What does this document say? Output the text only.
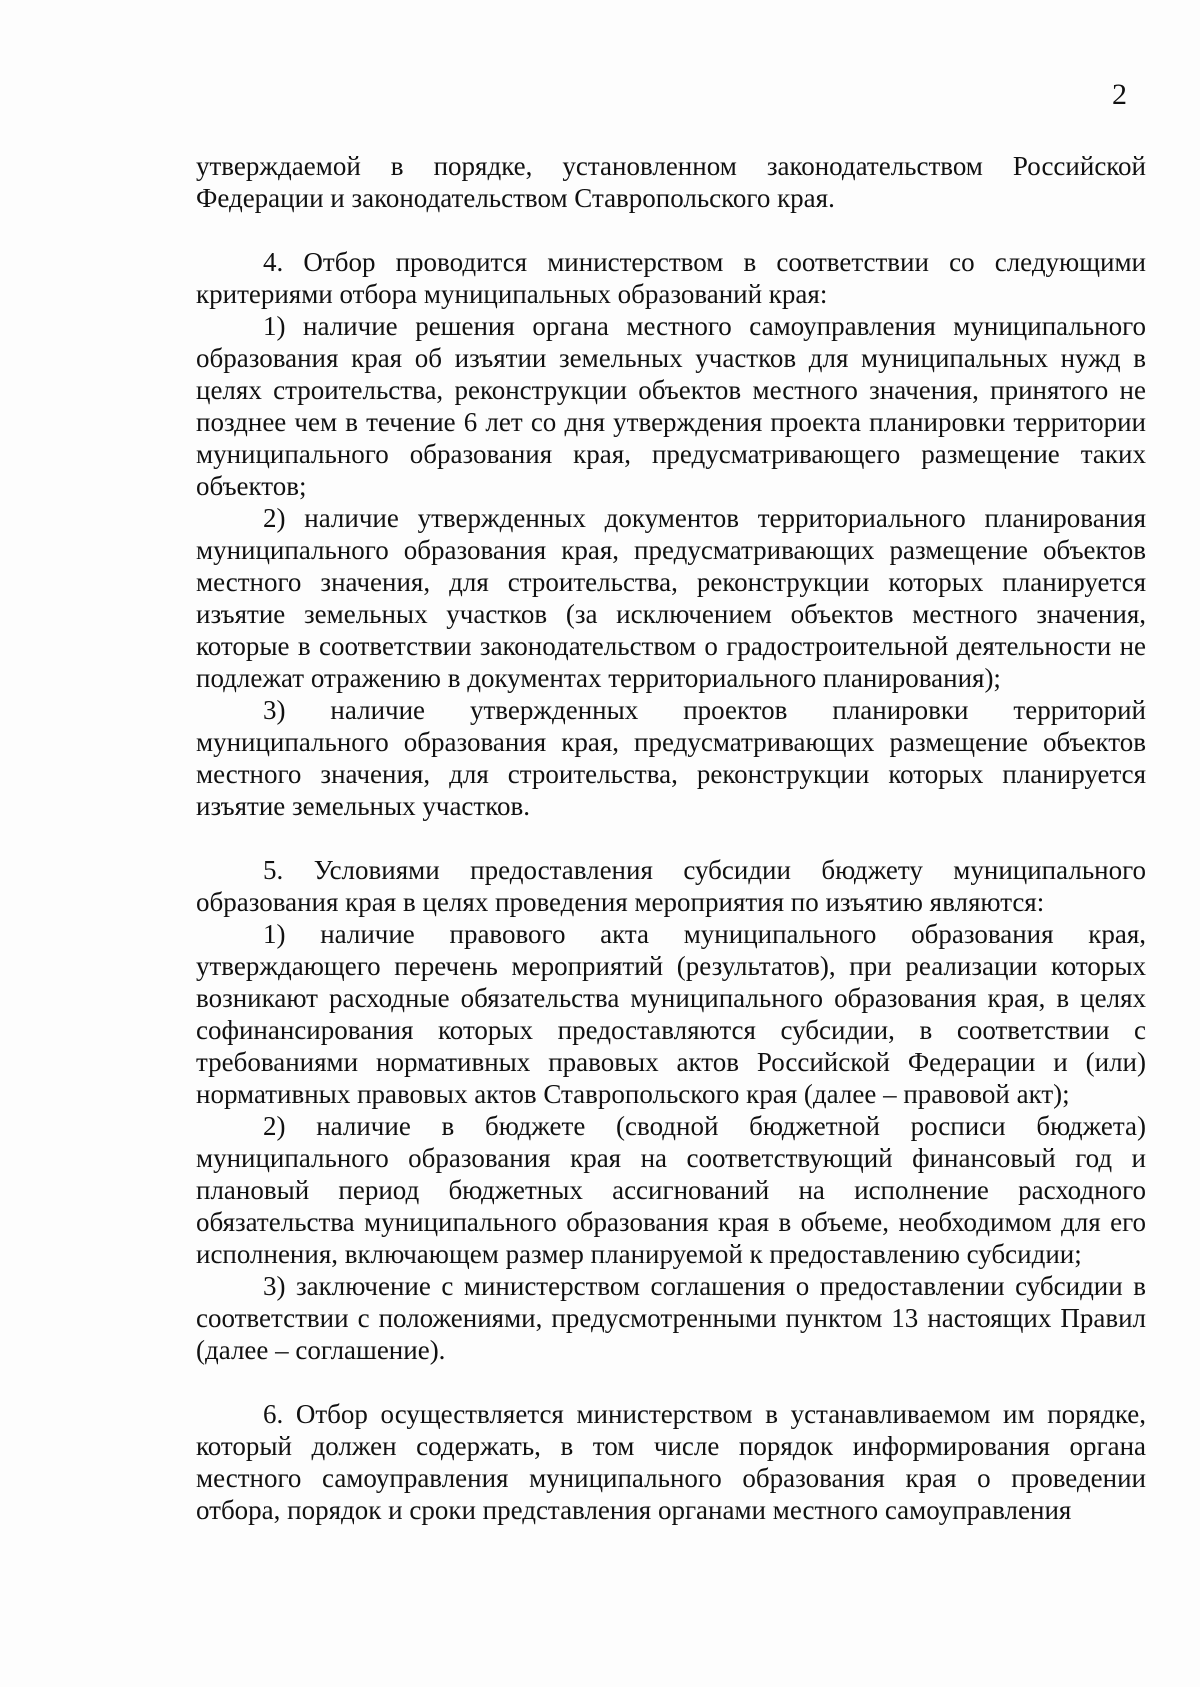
2

утверждаемой в порядке, установленном законодательством Российской Федерации и законодательством Ставропольского края.

4. Отбор проводится министерством в соответствии со следующими критериями отбора муниципальных образований края:

1) наличие решения органа местного самоуправления муниципального образования края об изъятии земельных участков для муниципальных нужд в целях строительства, реконструкции объектов местного значения, принятого не позднее чем в течение 6 лет со дня утверждения проекта планировки территории муниципального образования края, предусматривающего размещение таких объектов;

2) наличие утвержденных документов территориального планирования муниципального образования края, предусматривающих размещение объектов местного значения, для строительства, реконструкции которых планируется изъятие земельных участков (за исключением объектов местного значения, которые в соответствии законодательством о градостроительной деятельности не подлежат отражению в документах территориального планирования);

3) наличие утвержденных проектов планировки территорий муниципального образования края, предусматривающих размещение объектов местного значения, для строительства, реконструкции которых планируется изъятие земельных участков.

5. Условиями предоставления субсидии бюджету муниципального образования края в целях проведения мероприятия по изъятию являются:

1) наличие правового акта муниципального образования края, утверждающего перечень мероприятий (результатов), при реализации которых возникают расходные обязательства муниципального образования края, в целях софинансирования которых предоставляются субсидии, в соответствии с требованиями нормативных правовых актов Российской Федерации и (или) нормативных правовых актов Ставропольского края (далее – правовой акт);

2) наличие в бюджете (сводной бюджетной росписи бюджета) муниципального образования края на соответствующий финансовый год и плановый период бюджетных ассигнований на исполнение расходного обязательства муниципального образования края в объеме, необходимом для его исполнения, включающем размер планируемой к предоставлению субсидии;

3) заключение с министерством соглашения о предоставлении субсидии в соответствии с положениями, предусмотренными пунктом 13 настоящих Правил (далее – соглашение).

6. Отбор осуществляется министерством в устанавливаемом им порядке, который должен содержать, в том числе порядок информирования органа местного самоуправления муниципального образования края о проведении отбора, порядок и сроки представления органами местного самоуправления
